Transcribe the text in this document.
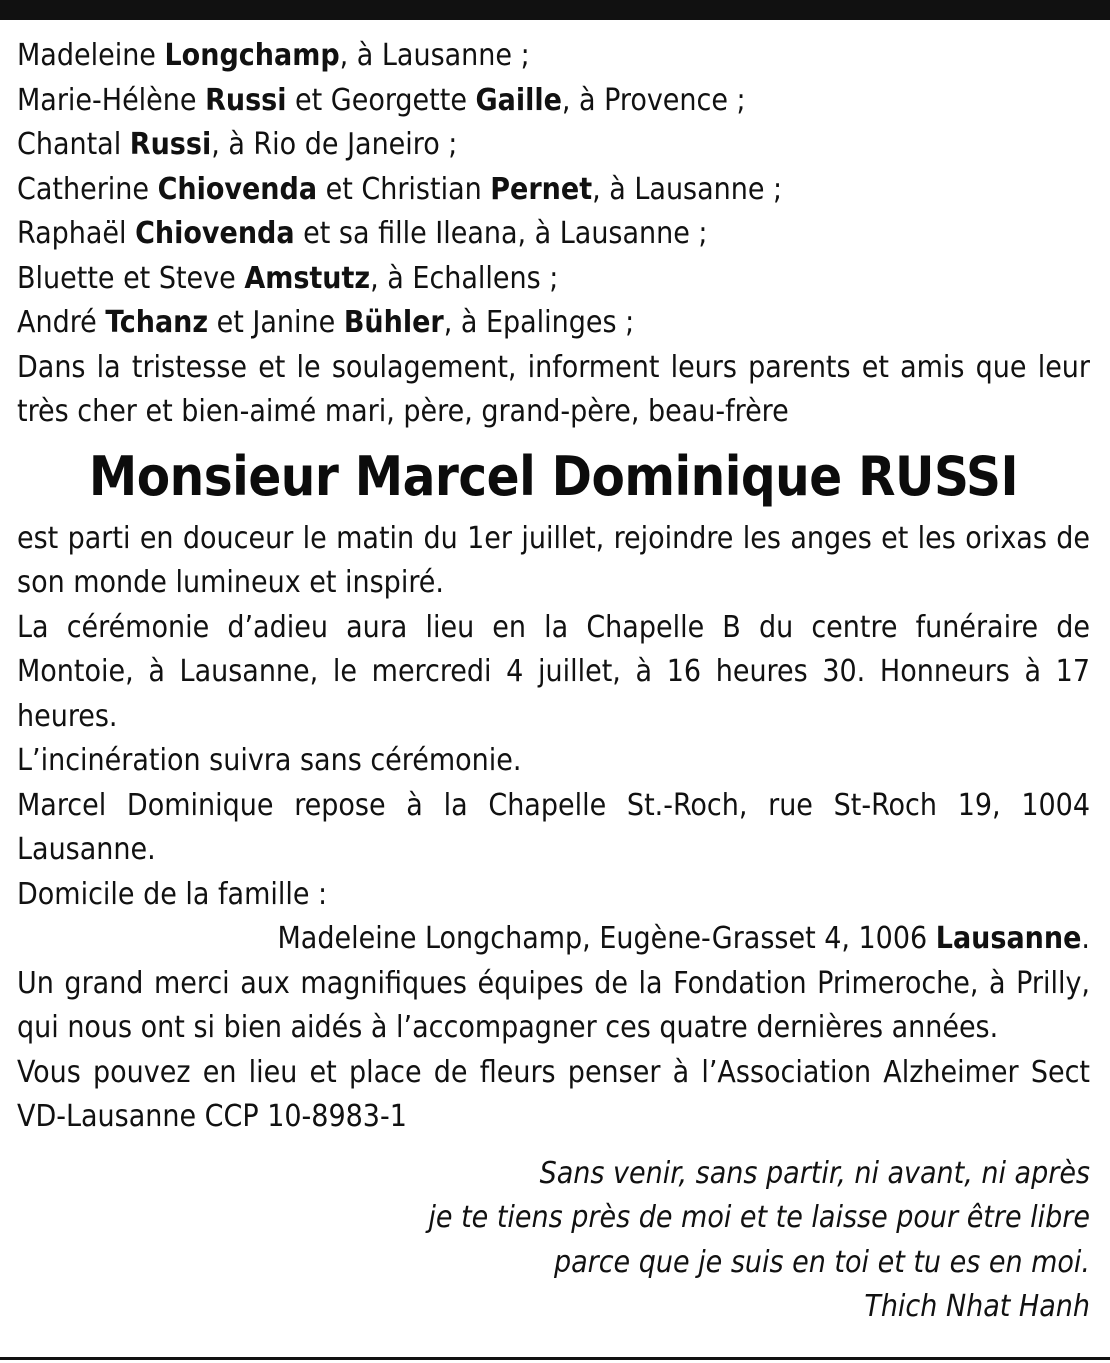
Madeleine Longchamp, à Lausanne ;
Marie-Hélène Russi et Georgette Gaille, à Provence ;
Chantal Russi, à Rio de Janeiro ;
Catherine Chiovenda et Christian Pernet, à Lausanne ;
Raphaël Chiovenda et sa fille Ileana, à Lausanne ;
Bluette et Steve Amstutz, à Echallens ;
André Tchanz et Janine Bühler, à Epalinges ;
Dans la tristesse et le soulagement, informent leurs parents et amis que leur très cher et bien-aimé mari, père, grand-père, beau-frère
Monsieur Marcel Dominique RUSSI
est parti en douceur le matin du 1er juillet, rejoindre les anges et les orixas de son monde lumineux et inspiré.
La cérémonie d’adieu aura lieu en la Chapelle B du centre funéraire de Montoie, à Lausanne, le mercredi 4 juillet, à 16 heures 30. Honneurs à 17 heures.
L’incinération suivra sans cérémonie.
Marcel Dominique repose à la Chapelle St.-Roch, rue St-Roch 19, 1004 Lausanne.
Domicile de la famille :
Madeleine Longchamp, Eugène-Grasset 4, 1006 Lausanne.
Un grand merci aux magnifiques équipes de la Fondation Primeroche, à Prilly, qui nous ont si bien aidés à l’accompagner ces quatre dernières années.
Vous pouvez en lieu et place de fleurs penser à l’Association Alzheimer Sect VD-Lausanne CCP 10-8983-1
Sans venir, sans partir, ni avant, ni après
je te tiens près de moi et te laisse pour être libre
parce que je suis en toi et tu es en moi.
Thich Nhat Hanh
